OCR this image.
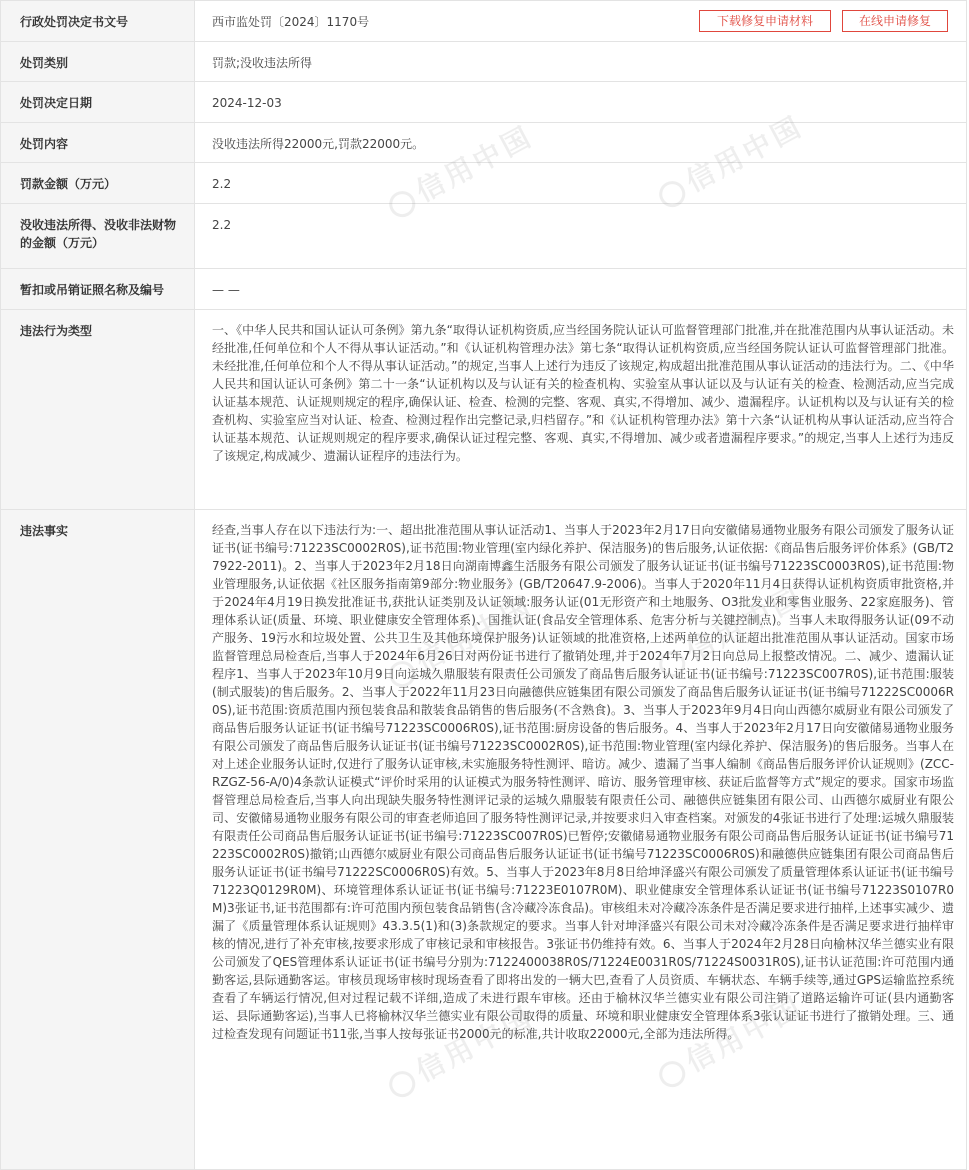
行政处罚决定书文号	西市监处罚〔2024〕1170号 下载修复申请材料 在线申请修复

处罚类别	罚款;没收违法所得
处罚决定日期	2024-12-03
处罚内容	没收违法所得22000元,罚款22000元。
罚款金额（万元）	2.2
没收违法所得、没收非法财物的金额（万元）	2.2
暂扣或吊销证照名称及编号	— —
违法行为类型	一、《中华人民共和国认证认可条例》第九条“取得认证机构资质,应当经国务院认证认可监督管理部门批准,并在批准范围内从事认证活动。未经批准,任何单位和个人不得从事认证活动。”和《认证机构管理办法》第七条“取得认证机构资质,应当经国务院认证认可监督管理部门批准。未经批准,任何单位和个人不得从事认证活动。”的规定,当事人上述行为违反了该规定,构成超出批准范围从事认证活动的违法行为。二、《中华人民共和国认证认可条例》第二十一条“认证机构以及与认证有关的检查机构、实验室从事认证以及与认证有关的检查、检测活动,应当完成认证基本规范、认证规则规定的程序,确保认证、检查、检测的完整、客观、真实,不得增加、减少、遗漏程序。认证机构以及与认证有关的检查机构、实验室应当对认证、检查、检测过程作出完整记录,归档留存。”和《认证机构管理办法》第十六条“认证机构从事认证活动,应当符合认证基本规范、认证规则规定的程序要求,确保认证过程完整、客观、真实,不得增加、减少或者遗漏程序要求。”的规定,当事人上述行为违反了该规定,构成减少、遗漏认证程序的违法行为。
违法事实	经查,当事人存在以下违法行为:一、超出批准范围从事认证活动1、当事人于2023年2月17日向安徽储易通物业服务有限公司颁发了服务认证证书(证书编号:71223SC0002R0S),证书范围:物业管理(室内绿化养护、保洁服务)的售后服务,认证依据:《商品售后服务评价体系》(GB/T27922-2011)。2、当事人于2023年2月18日向湖南博鑫生活服务有限公司颁发了服务认证证书(证书编号71223SC0003R0S),证书范围:物业管理服务,认证依据《社区服务指南第9部分:物业服务》(GB/T20647.9-2006)。当事人于2020年11月4日获得认证机构资质审批资格,并于2024年4月19日换发批准证书,获批认证类别及认证领域:服务认证(01无形资产和土地服务、O3批发业和零售业服务、22家庭服务)、管理体系认证(质量、环境、职业健康安全管理体系)、国推认证(食品安全管理体系、危害分析与关键控制点)。当事人未取得服务认证(09不动产服务、19污水和垃圾处置、公共卫生及其他环境保护服务)认证领域的批准资格,上述两单位的认证超出批准范围从事认证活动。国家市场监督管理总局检查后,当事人于2024年6月26日对两份证书进行了撤销处理,并于2024年7月2日向总局上报整改情况。二、减少、遗漏认证程序1、当事人于2023年10月9日向运城久鼎服装有限责任公司颁发了商品售后服务认证证书(证书编号:71223SC007R0S),证书范围:服装(制式服装)的售后服务。2、当事人于2022年11月23日向融德供应链集团有限公司颁发了商品售后服务认证证书(证书编号71222SC0006R0S),证书范围:资质范围内预包装食品和散装食品销售的售后服务(不含熟食)。3、当事人于2023年9月4日向山西德尔威厨业有限公司颁发了商品售后服务认证证书(证书编号71223SC0006R0S),证书范围:厨房设备的售后服务。4、当事人于2023年2月17日向安徽储易通物业服务有限公司颁发了商品售后服务认证证书(证书编号71223SC0002R0S),证书范围:物业管理(室内绿化养护、保洁服务)的售后服务。当事人在对上述企业服务认证时,仅进行了服务认证审核,未实施服务特性测评、暗访。减少、遗漏了当事人编制《商品售后服务评价认证规则》(ZCC-RZGZ-56-A/0)4条款认证模式“评价时采用的认证模式为服务特性测评、暗访、服务管理审核、获证后监督等方式”规定的要求。国家市场监督管理总局检查后,当事人向出现缺失服务特性测评记录的运城久鼎服装有限责任公司、融德供应链集团有限公司、山西德尔威厨业有限公司、安徽储易通物业服务有限公司的审查老师追回了服务特性测评记录,并按要求归入审查档案。对颁发的4张证书进行了处理:运城久鼎服装有限责任公司商品售后服务认证证书(证书编号:71223SC007R0S)已暂停;安徽储易通物业服务有限公司商品售后服务认证证书(证书编号71223SC0002R0S)撤销;山西德尔威厨业有限公司商品售后服务认证证书(证书编号71223SC0006R0S)和融德供应链集团有限公司商品售后服务认证证书(证书编号71222SC0006R0S)有效。5、当事人于2023年8月8日给坤泽盛兴有限公司颁发了质量管理体系认证证书(证书编号71223Q0129R0M)、环境管理体系认证证书(证书编号:71223E0107R0M)、职业健康安全管理体系认证证书(证书编号71223S0107R0M)3张证书,证书范围都有:许可范围内预包装食品销售(含冷藏冷冻食品)。审核组未对冷藏冷冻条件是否满足要求进行抽样,上述事实减少、遗漏了《质量管理体系认证规则》43.3.5(1)和(3)条款规定的要求。当事人针对坤泽盛兴有限公司未对冷藏冷冻条件是否满足要求进行抽样审核的情况,进行了补充审核,按要求形成了审核记录和审核报告。3张证书仍维持有效。6、当事人于2024年2月28日向榆林汉华兰德实业有限公司颁发了QES管理体系认证证书(证书编号分别为:7122400038R0S/71224E0031R0S/71224S0031R0S),证书认证范围:许可范围内通勤客运,县际通勤客运。审核员现场审核时现场查看了即将出发的一辆大巴,查看了人员资质、车辆状态、车辆手续等,通过GPS运输监控系统查看了车辆运行情况,但对过程记载不详细,造成了未进行跟车审核。还由于榆林汉华兰德实业有限公司注销了道路运输许可证(县内通勤客运、县际通勤客运),当事人已将榆林汉华兰德实业有限公司取得的质量、环境和职业健康安全管理体系3张认证证书进行了撤销处理。三、通过检查发现有问题证书11张,当事人按每张证书2000元的标准,共计收取22000元,全部为违法所得。
信用中国	信用中国
信用中国	信用中国
信用中国	信用中国
